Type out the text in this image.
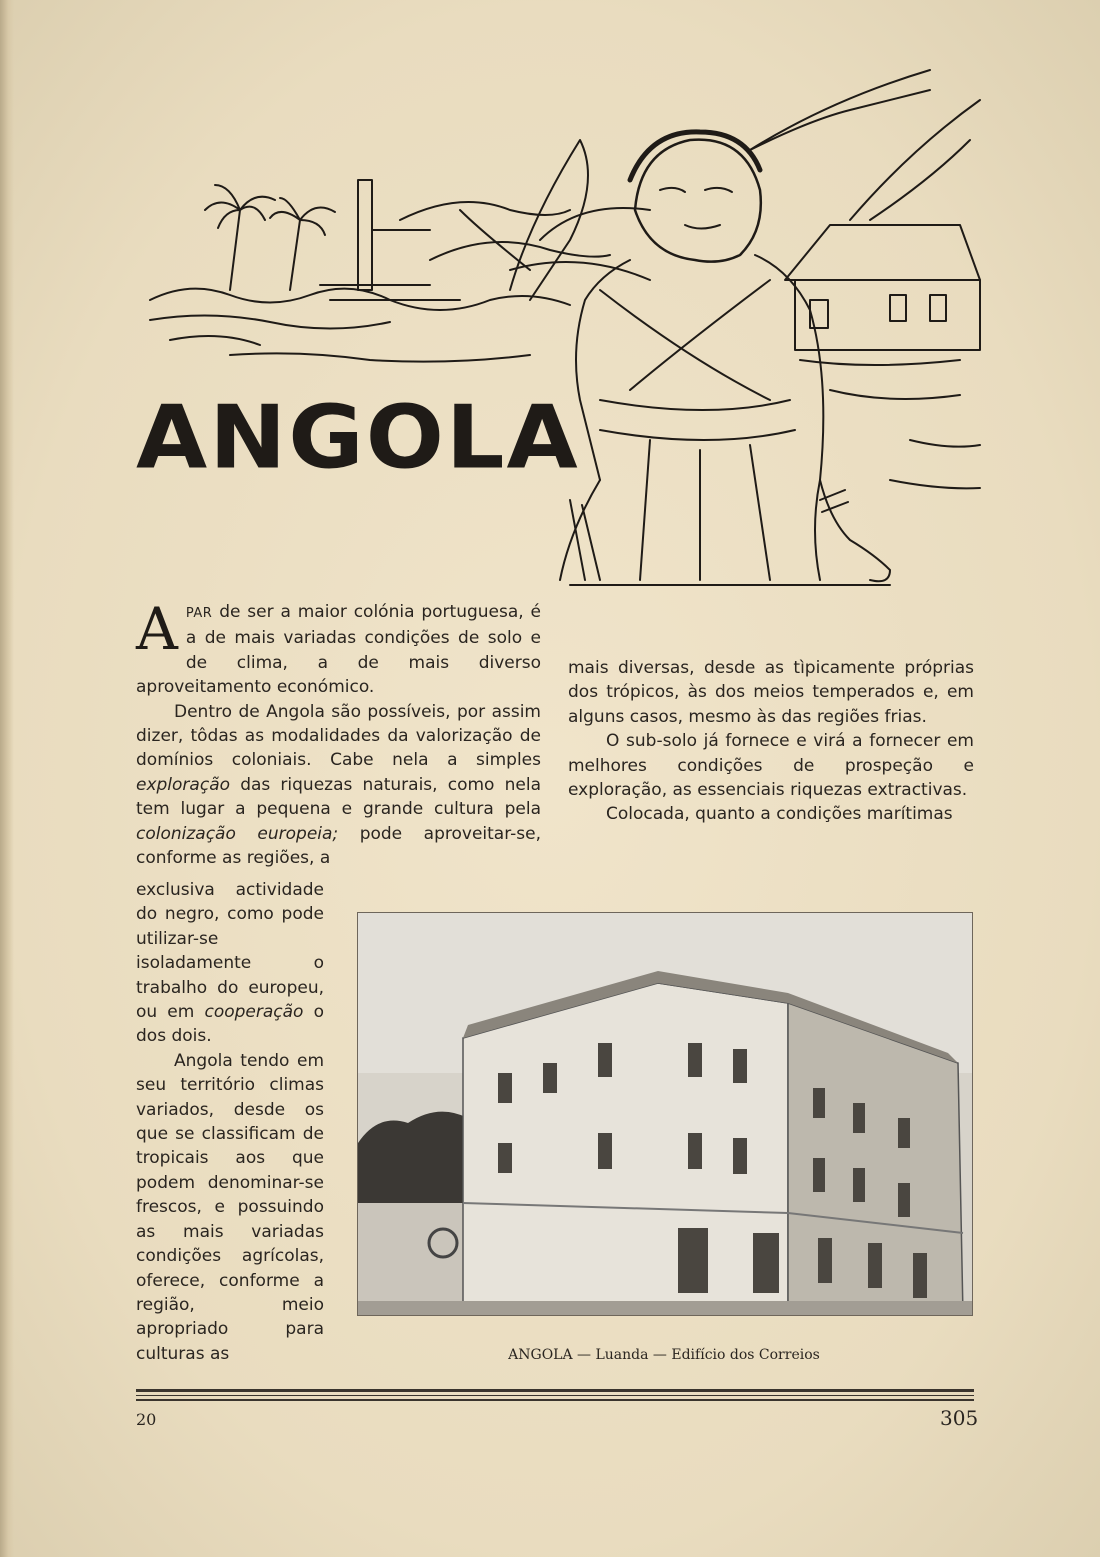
ANGOLA

APAR de ser a maior colónia portuguesa, é a de mais variadas condições de solo e de clima, a de mais diverso aproveitamento económico.

Dentro de Angola são possíveis, por assim dizer, tôdas as modalidades da valorização de domínios coloniais. Cabe nela a simples exploração das riquezas naturais, como nela tem lugar a pequena e grande cultura pela colonização europeia; pode aproveitar-se, conforme as regiões, a

exclusiva actividade do negro, como pode utilizar-se isoladamente o trabalho do europeu, ou em cooperação o dos dois.

Angola tendo em seu território climas variados, desde os que se classificam de tropicais aos que podem denominar-se frescos, e possuindo as mais variadas condições agrícolas, oferece, conforme a região, meio apropriado para culturas as

mais diversas, desde as tìpicamente próprias dos trópicos, às dos meios temperados e, em alguns casos, mesmo às das regiões frias.

O sub-solo já fornece e virá a fornecer em melhores condições de prospeção e exploração, as essenciais riquezas extractivas.

Colocada, quanto a condições marítimas

ANGOLA — Luanda — Edifício dos Correios
20	305
